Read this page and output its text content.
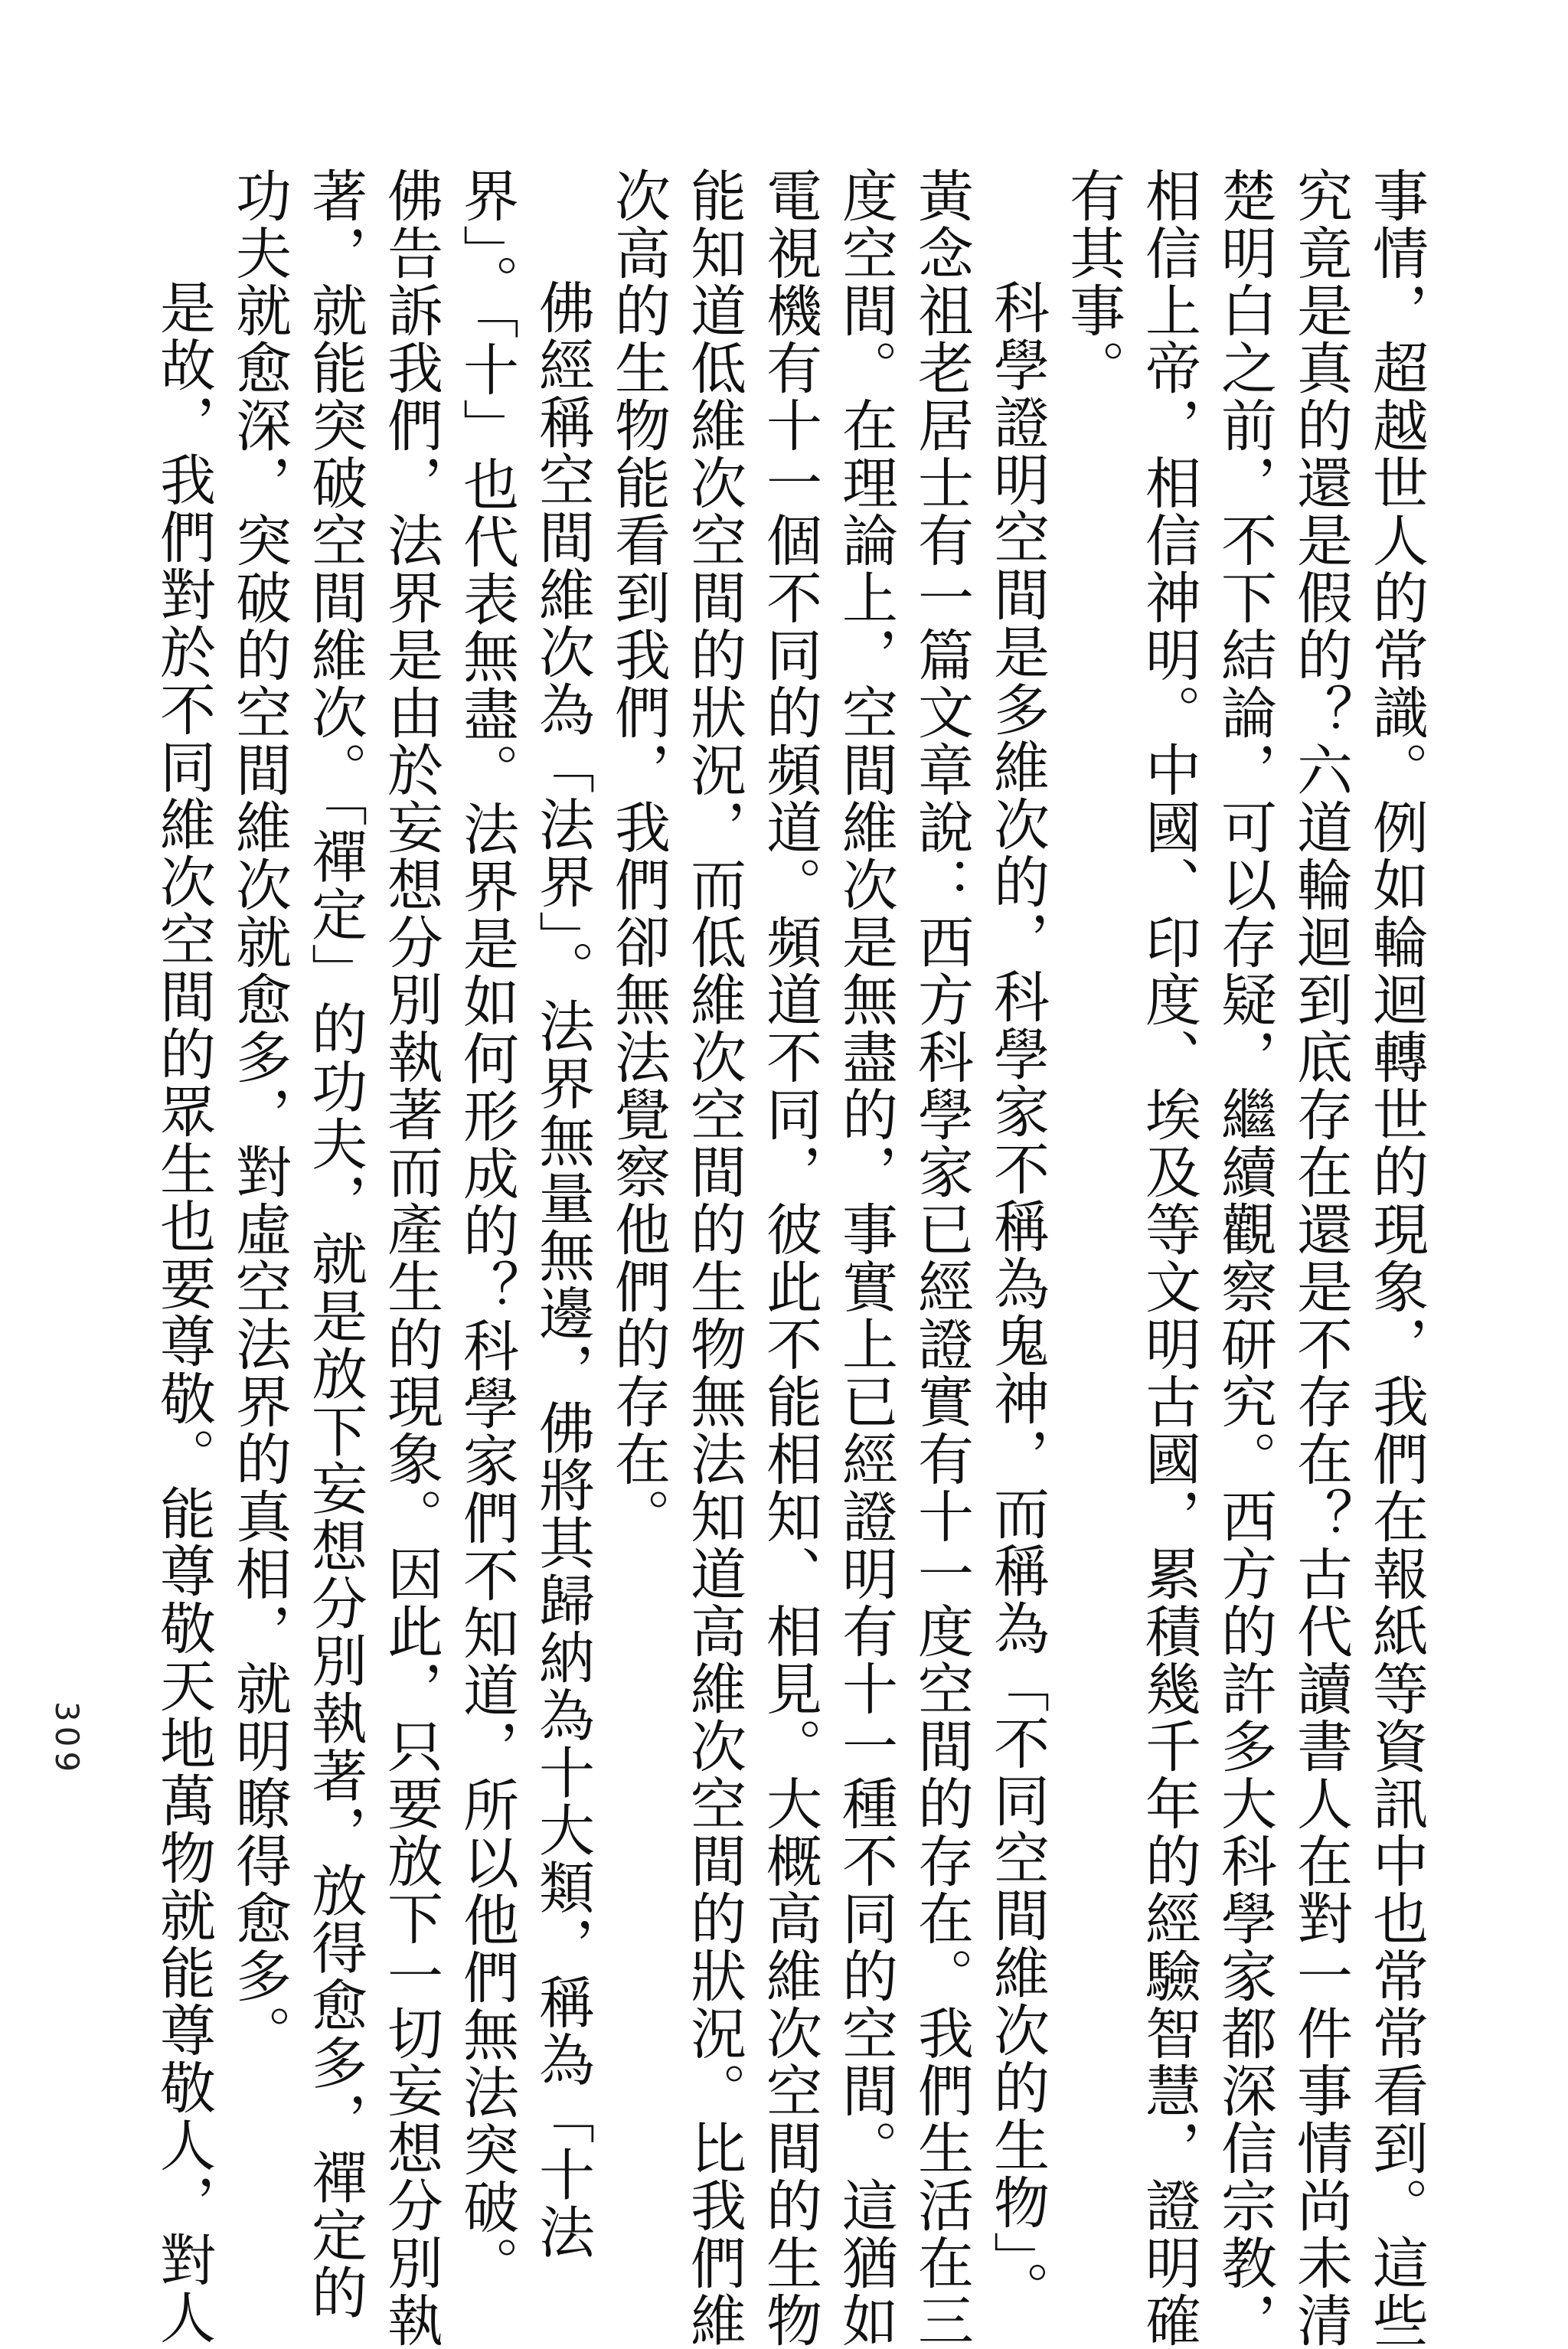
事情，超越世人的常識。例如輪迴轉世的現象，我們在報紙等資訊中也常常看到。這些
究竟是真的還是假的？六道輪迴到底存在還是不存在？古代讀書人在對一件事情尚未清
楚明白之前，不下結論，可以存疑，繼續觀察研究。西方的許多大科學家都深信宗教，
相信上帝，相信神明。中國、印度、埃及等文明古國，累積幾千年的經驗智慧，證明確
有其事。
科學證明空間是多維次的，科學家不稱為鬼神，而稱為「不同空間維次的生物」。
黃念祖老居士有一篇文章說：西方科學家已經證實有十一度空間的存在。我們生活在三
度空間。在理論上，空間維次是無盡的，事實上已經證明有十一種不同的空間。這猶如
電視機有十一個不同的頻道。頻道不同，彼此不能相知、相見。大概高維次空間的生物
能知道低維次空間的狀況，而低維次空間的生物無法知道高維次空間的狀況。比我們維
次高的生物能看到我們，我們卻無法覺察他們的存在。
佛經稱空間維次為「法界」。法界無量無邊，佛將其歸納為十大類，稱為「十法
界」。「十」也代表無盡。法界是如何形成的？科學家們不知道，所以他們無法突破。
佛告訴我們，法界是由於妄想分別執著而產生的現象。因此，只要放下一切妄想分別執
著，就能突破空間維次。「禪定」的功夫，就是放下妄想分別執著，放得愈多，禪定的
功夫就愈深，突破的空間維次就愈多，對虛空法界的真相，就明瞭得愈多。
是故，我們對於不同維次空間的眾生也要尊敬。能尊敬天地萬物就能尊敬人，對人
309
